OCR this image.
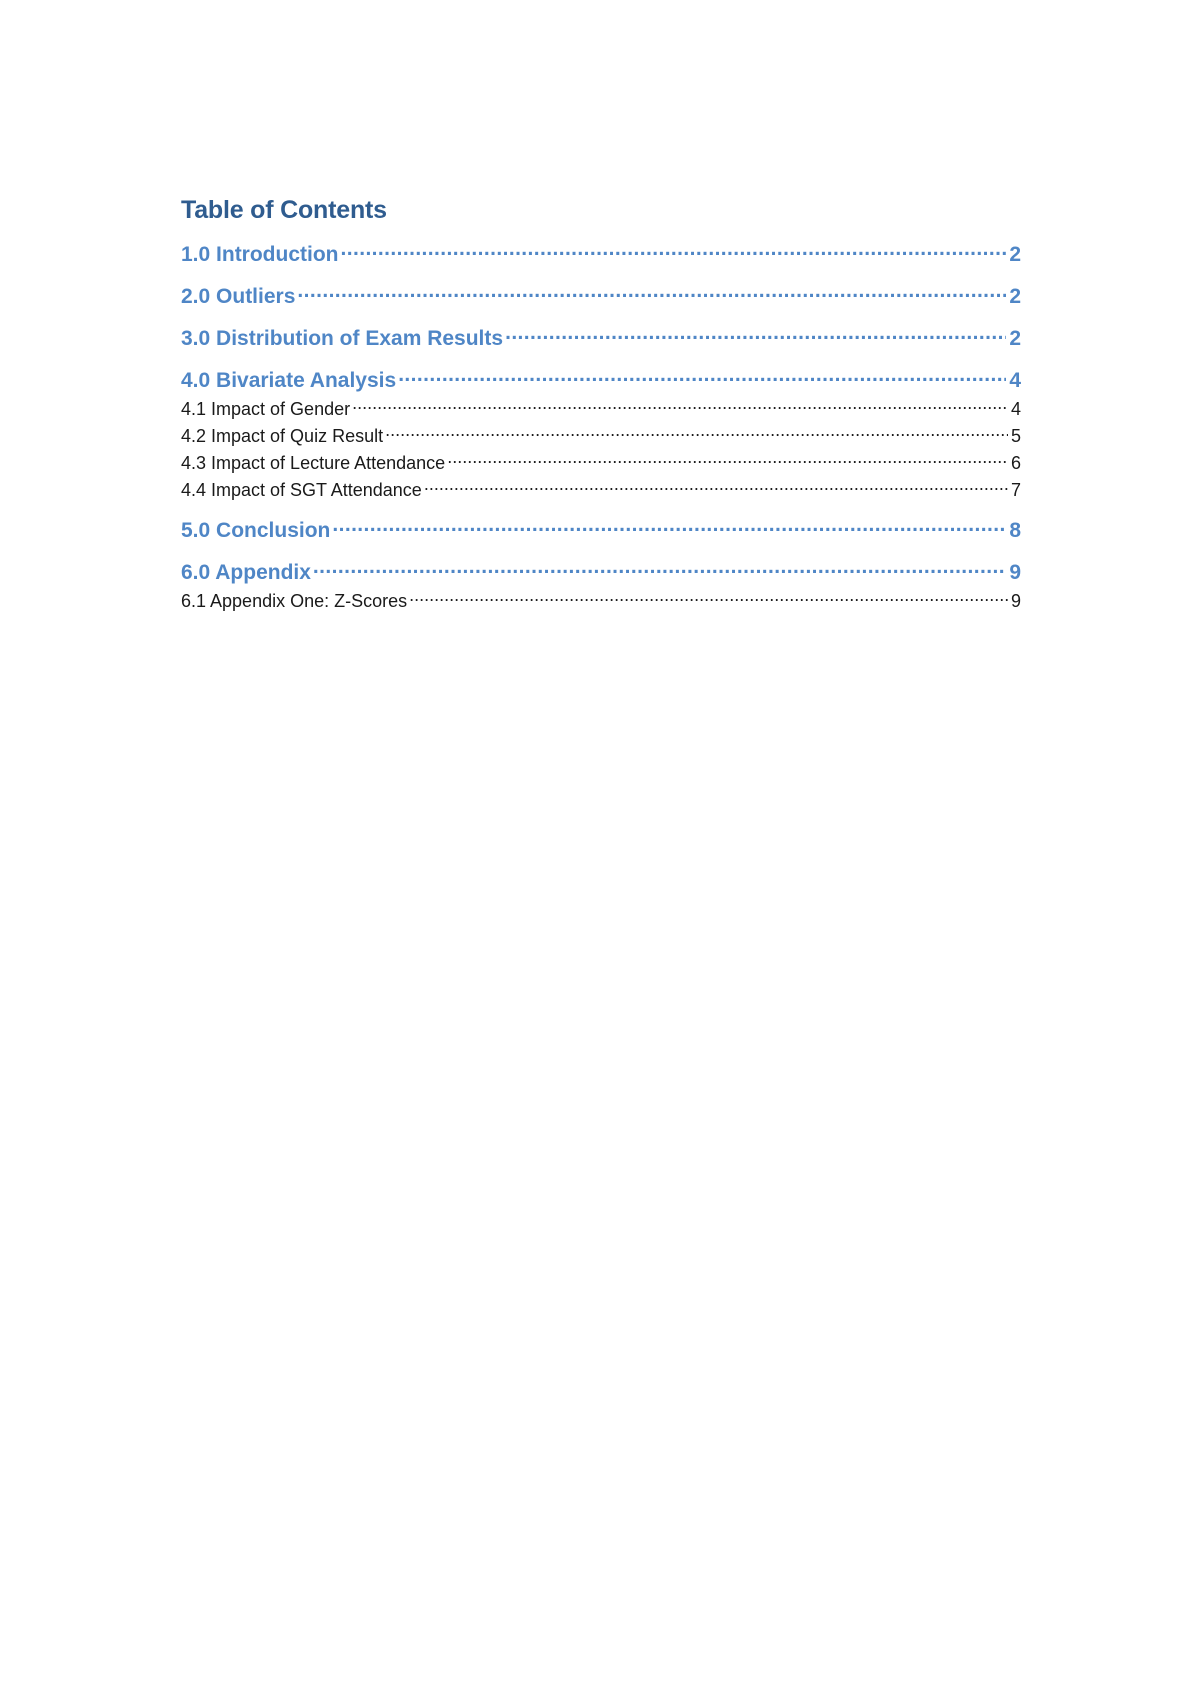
Table of Contents
1.0 Introduction .....	2
2.0 Outliers .....	2
3.0 Distribution of Exam Results .....	2
4.0 Bivariate Analysis .....	4
4.1 Impact of Gender .....	4
4.2 Impact of Quiz Result .....	5
4.3 Impact of Lecture Attendance .....	6
4.4 Impact of SGT Attendance .....	7
5.0 Conclusion .....	8
6.0 Appendix .....	9
6.1 Appendix One: Z-Scores .....	9
